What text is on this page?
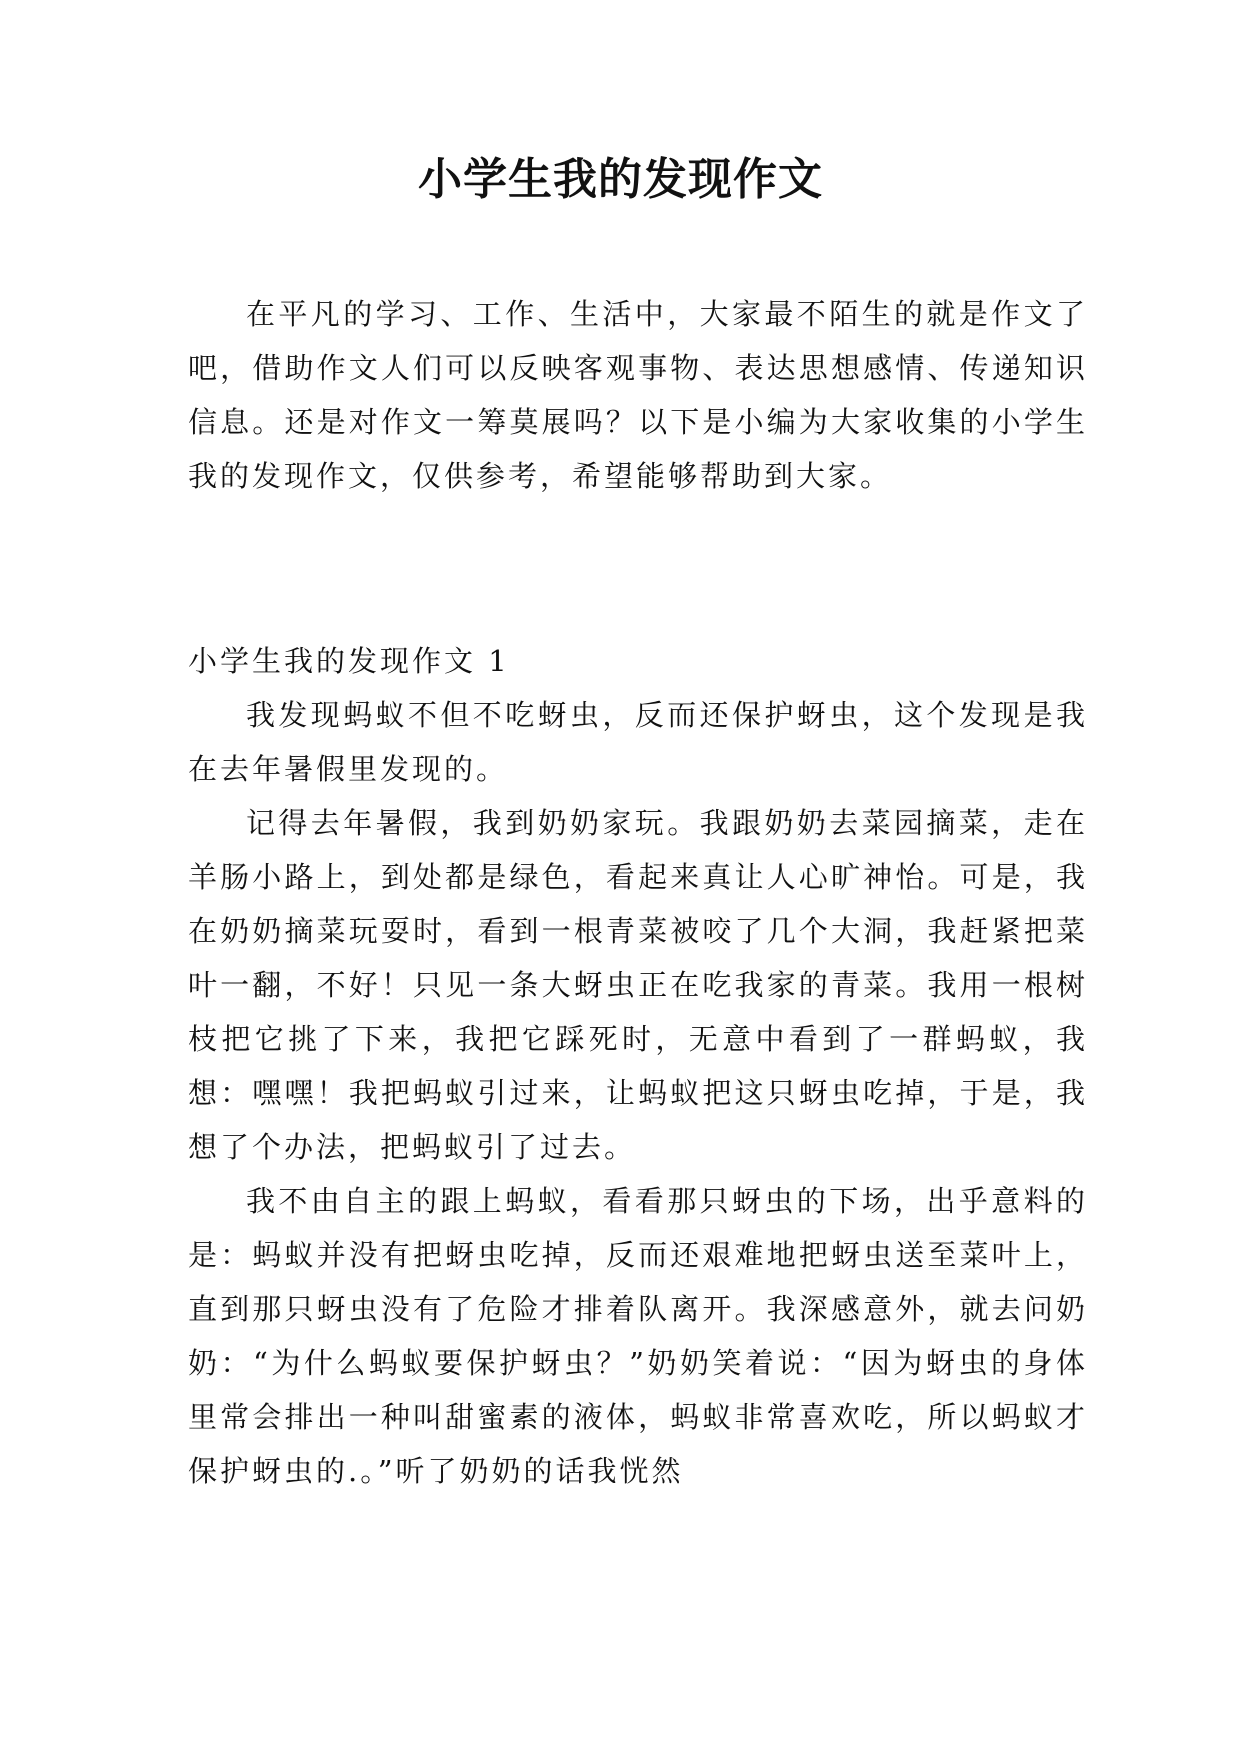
小学生我的发现作文

在平凡的学习、工作、生活中，大家最不陌生的就是作文了吧，借助作文人们可以反映客观事物、表达思想感情、传递知识信息。还是对作文一筹莫展吗？以下是小编为大家收集的小学生我的发现作文，仅供参考，希望能够帮助到大家。

小学生我的发现作文 1

我发现蚂蚁不但不吃蚜虫，反而还保护蚜虫，这个发现是我在去年暑假里发现的。

记得去年暑假，我到奶奶家玩。我跟奶奶去菜园摘菜，走在羊肠小路上，到处都是绿色，看起来真让人心旷神怡。可是，我在奶奶摘菜玩耍时，看到一根青菜被咬了几个大洞，我赶紧把菜叶一翻，不好！只见一条大蚜虫正在吃我家的青菜。我用一根树枝把它挑了下来，我把它踩死时，无意中看到了一群蚂蚁，我想：嘿嘿！我把蚂蚁引过来，让蚂蚁把这只蚜虫吃掉，于是，我想了个办法，把蚂蚁引了过去。

我不由自主的跟上蚂蚁，看看那只蚜虫的下场，出乎意料的是：蚂蚁并没有把蚜虫吃掉，反而还艰难地把蚜虫送至菜叶上，直到那只蚜虫没有了危险才排着队离开。我深感意外，就去问奶奶：“为什么蚂蚁要保护蚜虫？”奶奶笑着说：“因为蚜虫的身体里常会排出一种叫甜蜜素的液体，蚂蚁非常喜欢吃，所以蚂蚁才保护蚜虫的.。”听了奶奶的话我恍然
